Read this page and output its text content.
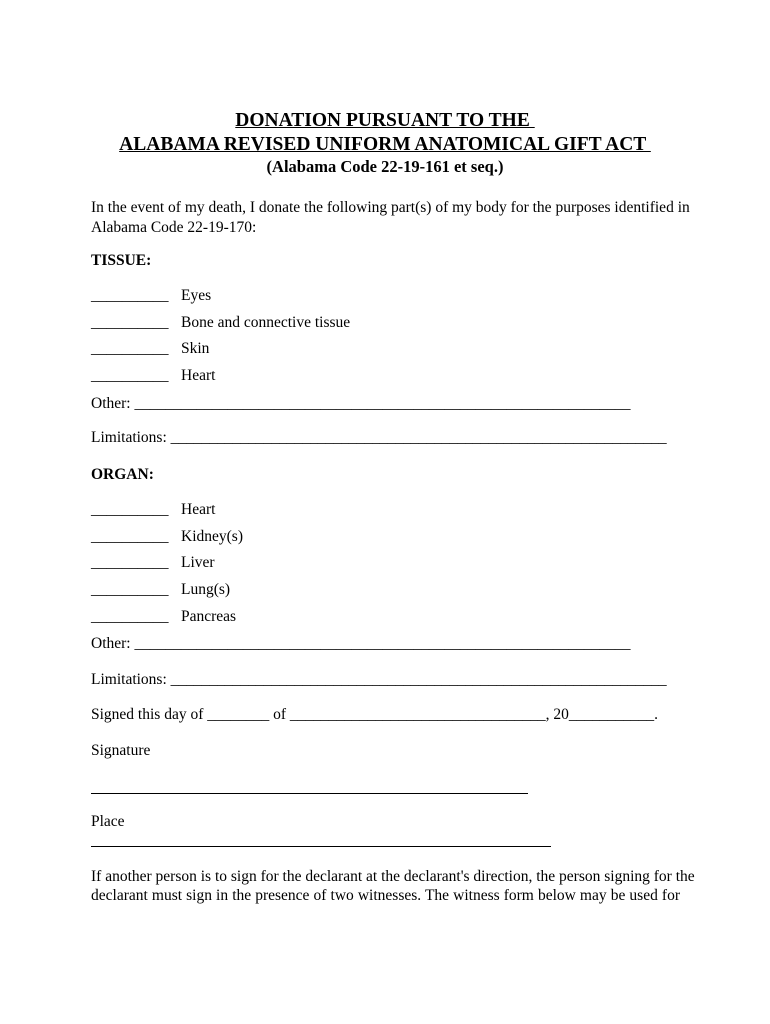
DONATION PURSUANT TO THE
ALABAMA REVISED UNIFORM ANATOMICAL GIFT ACT
(Alabama Code 22-19-161 et seq.)
In the event of my death, I donate the following part(s) of my body for the purposes identified in
Alabama Code 22-19-170:
TISSUE:
__________ Eyes
__________ Bone and connective tissue
__________ Skin
__________ Heart
Other: ________________________________________________________________
Limitations: ________________________________________________________________
ORGAN:
__________ Heart
__________ Kidney(s)
__________ Liver
__________ Lung(s)
__________ Pancreas
Other: ________________________________________________________________
Limitations: ________________________________________________________________
Signed this day of ________ of _________________________________, 20___________.
Signature
Place
If another person is to sign for the declarant at the declarant's direction, the person signing for the
declarant must sign in the presence of two witnesses. The witness form below may be used for
